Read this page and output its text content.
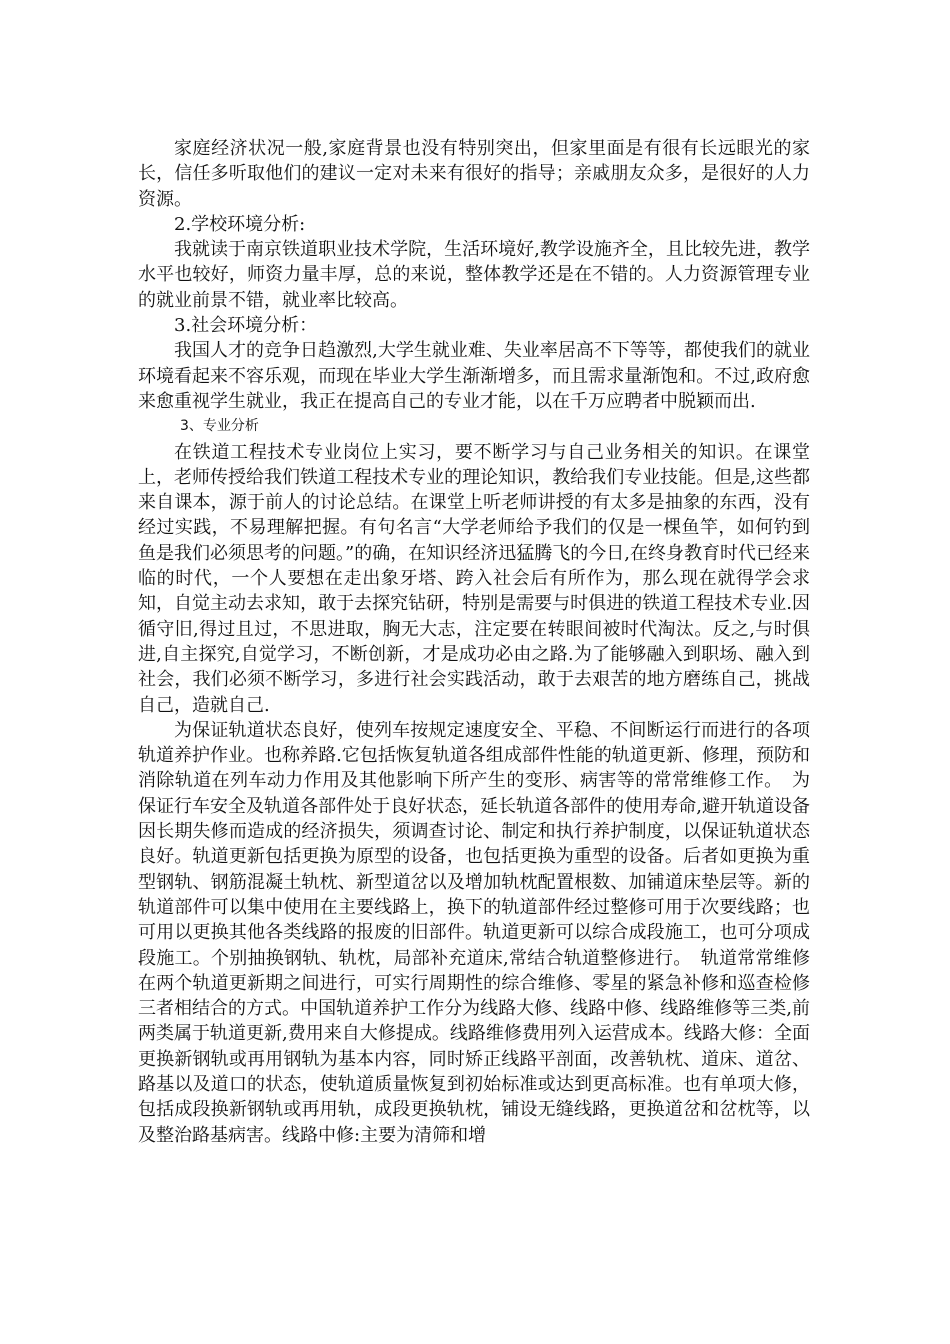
家庭经济状况一般,家庭背景也没有特别突出，但家里面是有很有长远眼光的家长，信任多听取他们的建议一定对未来有很好的指导；亲戚朋友众多，是很好的人力资源。

2.学校环境分析:

我就读于南京铁道职业技术学院，生活环境好,教学设施齐全，且比较先进，教学水平也较好，师资力量丰厚，总的来说，整体教学还是在不错的。人力资源管理专业的就业前景不错，就业率比较高。

3.社会环境分析：

我国人才的竞争日趋激烈,大学生就业难、失业率居高不下等等，都使我们的就业环境看起来不容乐观，而现在毕业大学生渐渐增多，而且需求量渐饱和。不过,政府愈来愈重视学生就业，我正在提高自己的专业才能，以在千万应聘者中脱颖而出.

3、专业分析

在铁道工程技术专业岗位上实习，要不断学习与自己业务相关的知识。在课堂上，老师传授给我们铁道工程技术专业的理论知识，教给我们专业技能。但是,这些都来自课本，源于前人的讨论总结。在课堂上听老师讲授的有太多是抽象的东西，没有经过实践，不易理解把握。有句名言“大学老师给予我们的仅是一棵鱼竿，如何钓到鱼是我们必须思考的问题。”的确，在知识经济迅猛腾飞的今日,在终身教育时代已经来临的时代，一个人要想在走出象牙塔、跨入社会后有所作为，那么现在就得学会求知，自觉主动去求知，敢于去探究钻研，特别是需要与时俱进的铁道工程技术专业.因循守旧,得过且过，不思进取，胸无大志，注定要在转眼间被时代淘汰。反之,与时俱进,自主探究,自觉学习，不断创新，才是成功必由之路.为了能够融入到职场、融入到社会，我们必须不断学习，多进行社会实践活动，敢于去艰苦的地方磨练自己，挑战自己，造就自己.

为保证轨道状态良好，使列车按规定速度安全、平稳、不间断运行而进行的各项轨道养护作业。也称养路.它包括恢复轨道各组成部件性能的轨道更新、修理，预防和消除轨道在列车动力作用及其他影响下所产生的变形、病害等的常常维修工作。　为保证行车安全及轨道各部件处于良好状态，延长轨道各部件的使用寿命,避开轨道设备因长期失修而造成的经济损失，须调查讨论、制定和执行养护制度，以保证轨道状态良好。轨道更新包括更换为原型的设备，也包括更换为重型的设备。后者如更换为重型钢轨、钢筋混凝土轨枕、新型道岔以及增加轨枕配置根数、加铺道床垫层等。新的轨道部件可以集中使用在主要线路上，换下的轨道部件经过整修可用于次要线路；也可用以更换其他各类线路的报废的旧部件。轨道更新可以综合成段施工，也可分项成段施工。个别抽换钢轨、轨枕，局部补充道床,常结合轨道整修进行。　轨道常常维修在两个轨道更新期之间进行，可实行周期性的综合维修、零星的紧急补修和巡查检修三者相结合的方式。中国轨道养护工作分为线路大修、线路中修、线路维修等三类,前两类属于轨道更新,费用来自大修提成。线路维修费用列入运营成本。线路大修：全面更换新钢轨或再用钢轨为基本内容，同时矫正线路平剖面，改善轨枕、道床、道岔、路基以及道口的状态，使轨道质量恢复到初始标准或达到更高标准。也有单项大修，包括成段换新钢轨或再用轨，成段更换轨枕，铺设无缝线路，更换道岔和岔枕等，以及整治路基病害。线路中修:主要为清筛和增
